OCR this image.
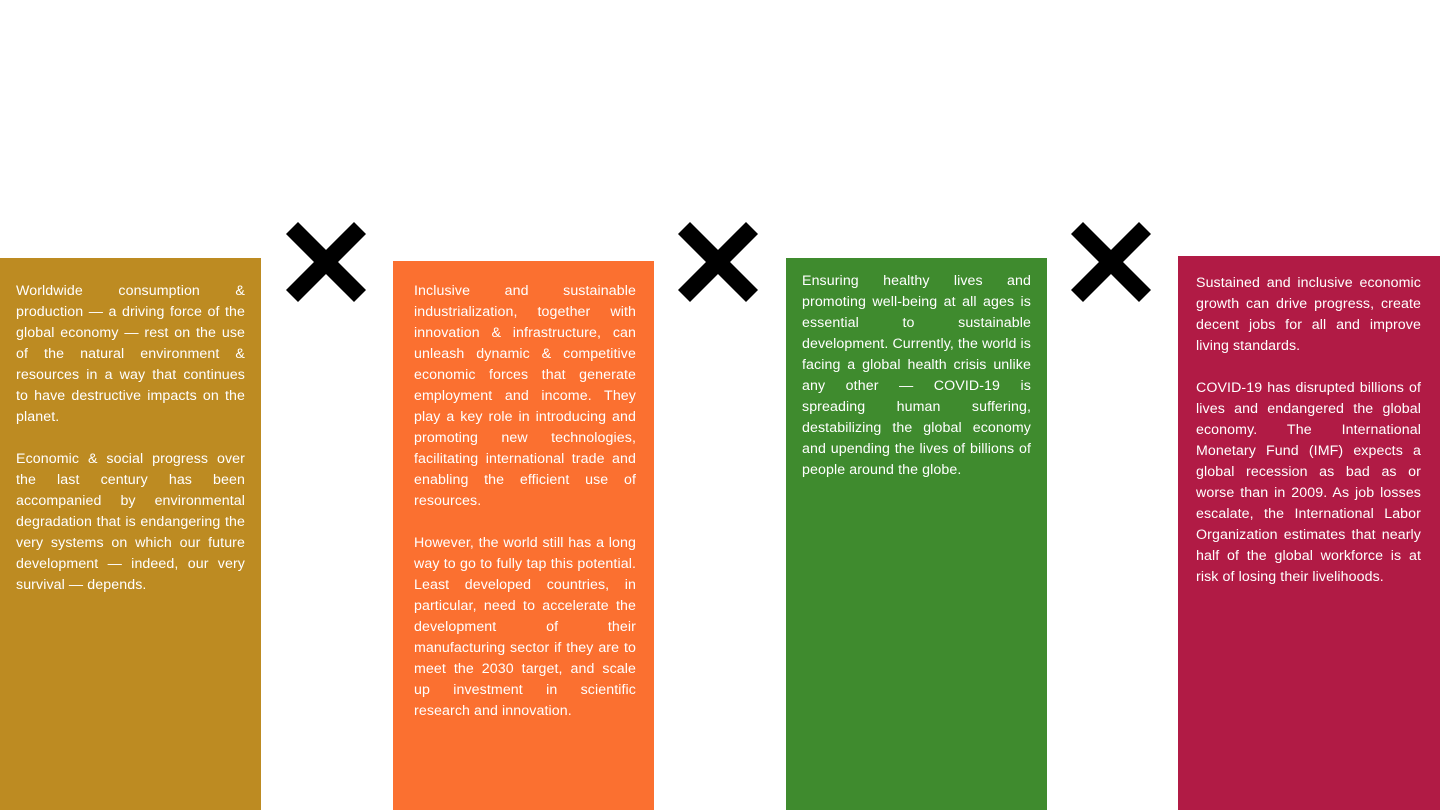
Worldwide consumption & production — a driving force of the global economy — rest on the use of the natural environment & resources in a way that continues to have destructive impacts on the planet.

Economic & social progress over the last century has been accompanied by environmental degradation that is endangering the very systems on which our future development — indeed, our very survival — depends.

Inclusive and sustainable industrialization, together with innovation & infrastructure, can unleash dynamic & competitive economic forces that generate employment and income. They play a key role in introducing and promoting new technologies, facilitating international trade and enabling the efficient use of resources.

However, the world still has a long way to go to fully tap this potential. Least developed countries, in particular, need to accelerate the development of their manufacturing sector if they are to meet the 2030 target, and scale up investment in scientific research and innovation.

Ensuring healthy lives and promoting well-being at all ages is essential to sustainable development. Currently, the world is facing a global health crisis unlike any other — COVID-19 is spreading human suffering, destabilizing the global economy and upending the lives of billions of people around the globe.

Sustained and inclusive economic growth can drive progress, create decent jobs for all and improve living standards.

COVID-19 has disrupted billions of lives and endangered the global economy. The International Monetary Fund (IMF) expects a global recession as bad as or worse than in 2009. As job losses escalate, the International Labor Organization estimates that nearly half of the global workforce is at risk of losing their livelihoods.
